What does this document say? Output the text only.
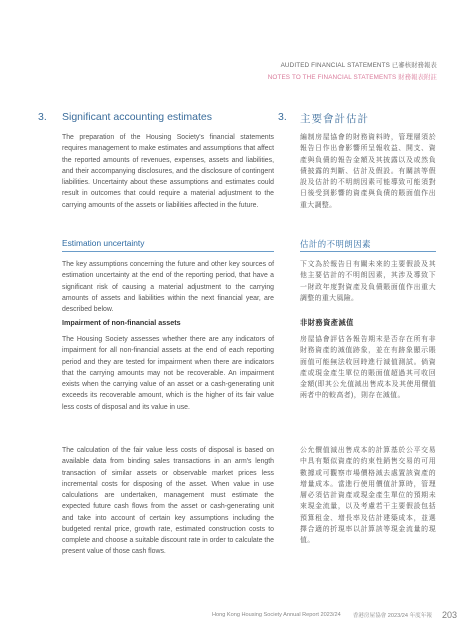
AUDITED FINANCIAL STATEMENTS 已審核財務報表
NOTES TO THE FINANCIAL STATEMENTS 財務報表附註
3. Significant accounting estimates	3. 主要會計估計

The preparation of the Housing Society's financial statements requires management to make estimates and assumptions that affect the reported amounts of revenues, expenses, assets and liabilities, and their accompanying disclosures, and the disclosure of contingent liabilities. Uncertainty about these assumptions and estimates could result in outcomes that could require a material adjustment to the carrying amounts of the assets or liabilities affected in the future.

編制房屋協會的財務資料時，管理層須於報告日作出會影響所呈報收益、開支、資產與負債的報告金額及其披露以及或然負債披露的判斷、估計及假設。有關該等假設及估計的不明朗因素可能導致可能須對日後受到影響的資產與負債的賬面值作出重大調整。

Estimation uncertainty	估計的不明朗因素

The key assumptions concerning the future and other key sources of estimation uncertainty at the end of the reporting period, that have a significant risk of causing a material adjustment to the carrying amounts of assets and liabilities within the next financial year, are described below.

下文為於報告日有關未來的主要假設及其他主要估計的不明朗因素，其涉及導致下一財政年度對資產及負債賬面值作出重大調整的重大風險。

Impairment of non-financial assets	非財務資產減值

The Housing Society assesses whether there are any indicators of impairment for all non-financial assets at the end of each reporting period and they are tested for impairment when there are indicators that the carrying amounts may not be recoverable. An impairment exists when the carrying value of an asset or a cash-generating unit exceeds its recoverable amount, which is the higher of its fair value less costs of disposal and its value in use.

房屋協會評估各報告期末是否存在所有非財務資產的減值跡象，並在有跡象顯示賬面值可能無法收回時進行減值測試。倘資產或現金產生單位的賬面值超過其可收回金額(即其公允值減出售成本及其使用價值兩者中的較高者)，則存在減值。

The calculation of the fair value less costs of disposal is based on available data from binding sales transactions in an arm's length transaction of similar assets or observable market prices less incremental costs for disposing of the asset. When value in use calculations are undertaken, management must estimate the expected future cash flows from the asset or cash-generating unit and take into account of certain key assumptions including the budgeted rental price, growth rate, estimated construction costs to complete and choose a suitable discount rate in order to calculate the present value of those cash flows.

公允價值減出售成本的計算基於公平交易中具有類似資產的約束性銷售交易的可用數據或可觀察市場價格減去處置該資產的增量成本。當進行使用價值計算時，管理層必須估計資產或現金產生單位的預期未來現金流量，以及考慮若干主要假設包括預算租金、增長率及估計建築成本，並選擇合適的折現率以計算該等現金流量的現值。

Hong Kong Housing Society Annual Report 2023/24 香港房屋協會 2023/24 年度年報 203
